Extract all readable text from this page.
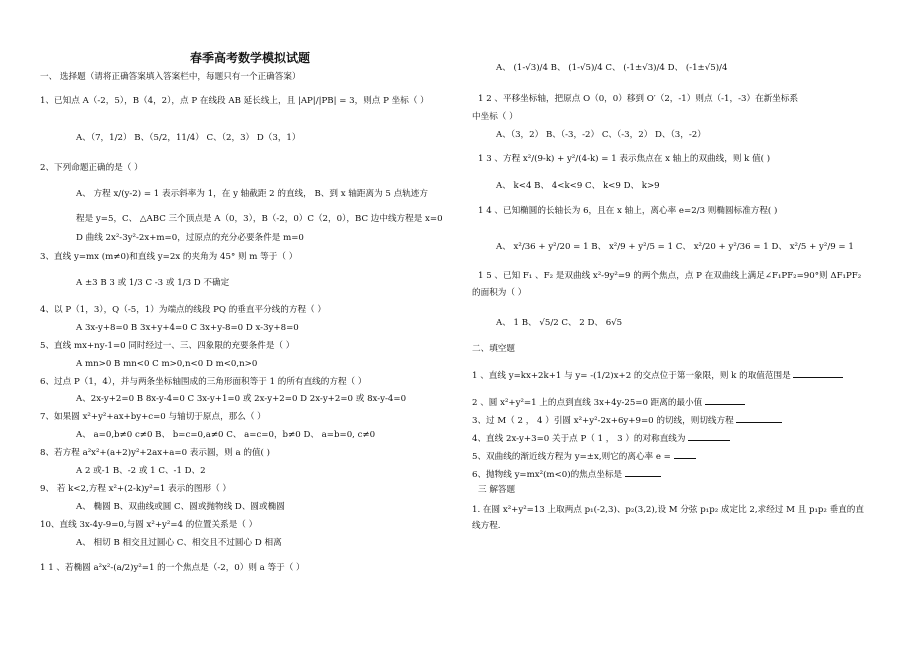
春季高考数学模拟试题
一、 选择题（请将正确答案填入答案栏中，每题只有一个正确答案）
1、已知点 A（-2，5），B（4，2），点 P 在线段 AB 延长线上，且 |AP|/|PB| = 3，则点 P 坐标（ ）
A、（7，1/2） B、（5/2，11/4） C、（2，3） D（3，1）
2、下列命题正确的是（ ）
A、 方程 x/(y-2) = 1 表示斜率为 1，在 y 轴截距 2 的直线， B、到 x 轴距离为 5 点轨迹方
程是 y=5，C、 △ABC 三个顶点是 A（0，3），B（-2，0）C（2，0），BC 边中线方程是 x=0
D 曲线 2x²-3y²-2x+m=0，过原点的充分必要条件是 m=0
3、直线 y=mx (m≠0)和直线 y=2x 的夹角为 45° 则 m 等于（ ）
A ±3 B 3 或 1/3 C -3 或 1/3 D 不确定
4、以 P（1，3），Q（-5，1）为端点的线段 PQ 的垂直平分线的方程（ ）
A 3x-y+8=0 B 3x+y+4=0 C 3x+y-8=0 D x-3y+8=0
5、直线 mx+ny-1=0 同时经过一、三、四象限的充要条件是（ ）
A mn>0 B mn<0 C m>0,n<0 D m<0,n>0
6、过点 P（1，4），并与两条坐标轴围成的三角形面积等于 1 的所有直线的方程（ ）
A、2x-y+2=0 B 8x-y-4=0 C 3x-y+1=0 或 2x-y+2=0 D 2x-y+2=0 或 8x-y-4=0
7、如果圆 x²+y²+ax+by+c=0 与轴切于原点，那么（ ）
A、 a=0,b≠0 c≠0 B、 b=c=0,a≠0 C、 a=c=0，b≠0 D、 a=b=0, c≠0
8、若方程 a²x²+(a+2)y²+2ax+a=0 表示圆，则 a 的值( )
A 2 或-1 B、-2 或 1 C、-1 D、2
9、 若 k<2,方程 x²+(2-k)y²=1 表示的图形（ ）
A、 椭圆 B、双曲线或圆 C、圆或抛物线 D、圆或椭圆
10、直线 3x-4y-9=0,与圆 x²+y²=4 的位置关系是（ ）
A、 相切 B 相交且过圆心 C、相交且不过圆心 D 相离
1 1 、若椭圆 a²x²-(a/2)y²=1 的一个焦点是（-2，0）则 a 等于（ ）
A、 (1-√3)/4 B、 (1-√5)/4 C、 (-1±√3)/4 D、 (-1±√5)/4
1 2 、平移坐标轴，把原点 O（0，0）移到 O′（2，-1）则点（-1，-3）在新坐标系
中坐标（ ）
A、（3，2） B、（-3，-2） C、（-3，2） D、（3，-2）
1 3 、方程 x²/(9-k) + y²/(4-k) = 1 表示焦点在 x 轴上的双曲线，则 k 值( )
A、 k<4 B、 4<k<9 C、 k<9 D、 k>9
1 4 、已知椭圆的长轴长为 6，且在 x 轴上，离心率 e=2/3 则椭圆标准方程( )
A、 x²/36 + y²/20 = 1 B、 x²/9 + y²/5 = 1 C、 x²/20 + y²/36 = 1 D、 x²/5 + y²/9 = 1
1 5 、已知 F₁ 、F₂ 是双曲线 x²-9y²=9 的两个焦点，点 P 在双曲线上满足∠F₁PF₂=90°则 ΔF₁PF₂
的面积为（ ）
A、 1 B、 √5/2 C、 2 D、 6√5
二、填空题
1 、直线 y=kx+2k+1 与 y= -(1/2)x+2 的交点位于第一象限，则 k 的取值范围是
2 、圆 x²+y²=1 上的点到直线 3x+4y-25=0 距离的最小值
3、过 M（ 2 ， 4 ）引圆 x²+y²-2x+6y+9=0 的切线，则切线方程
4、直线 2x-y+3=0 关于点 P（ 1 ， 3 ）的对称直线为
5、双曲线的渐近线方程为 y=±x,则它的离心率 e =
6、抛物线 y=mx²(m<0)的焦点坐标是
三 解答题
1. 在圆 x²+y²=13 上取两点 p₁(-2,3)、p₂(3,2),设 M 分弦 p₁p₂ 成定比 2,求经过 M 且 p₁p₂ 垂直的直
线方程.
